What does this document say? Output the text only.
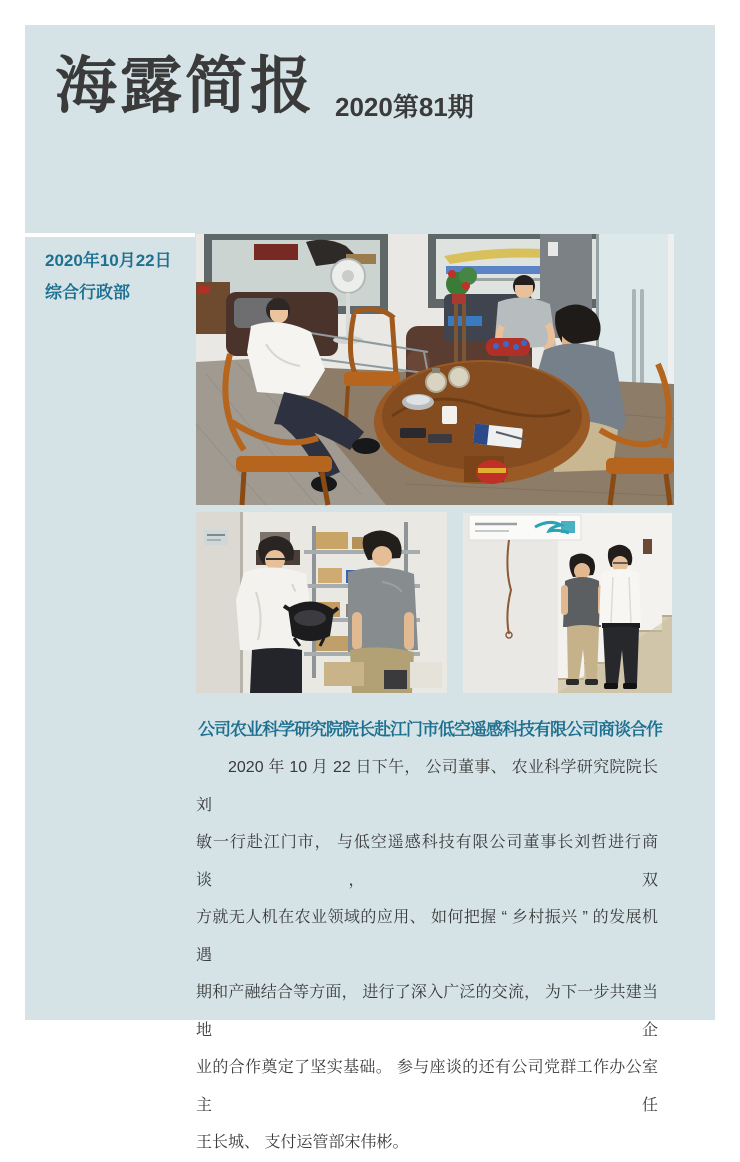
海露简报 2020第81期
2020年10月22日
综合行政部
公司农业科学研究院院长赴江门市低空遥感科技有限公司商谈合作
2020 年 10 月 22 日下午， 公司董事、 农业科学研究院院长刘
敏一行赴江门市， 与低空遥感科技有限公司董事长刘哲进行商谈， 双
方就无人机在农业领域的应用、 如何把握 “ 乡村振兴 ” 的发展机遇
期和产融结合等方面， 进行了深入广泛的交流， 为下一步共建当地企
业的合作奠定了坚实基础。 参与座谈的还有公司党群工作办公室主任
王长城、 支付运管部宋伟彬。
